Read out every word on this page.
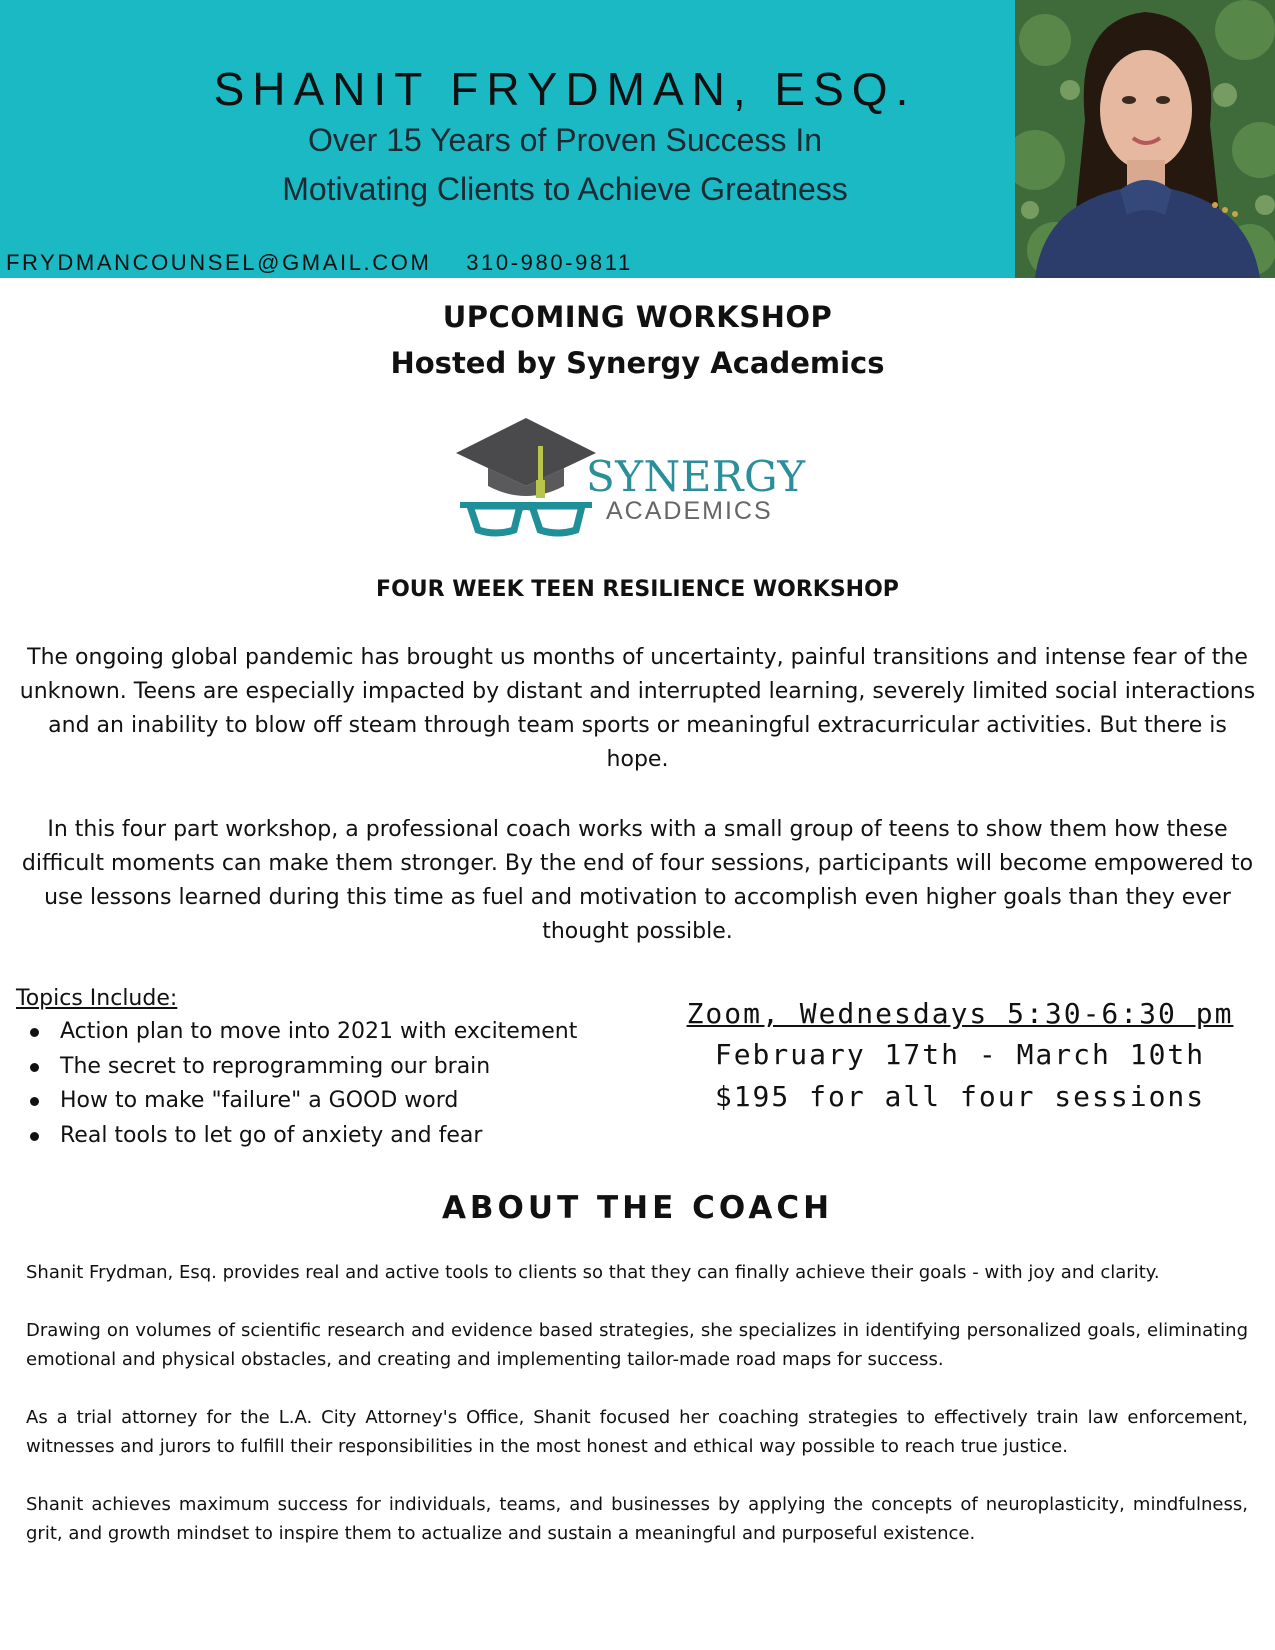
SHANIT FRYDMAN, ESQ.
Over 15 Years of Proven Success In
Motivating Clients to Achieve Greatness
FRYDMANCOUNSEL@GMAIL.COM    310-980-9811
UPCOMING WORKSHOP
Hosted by Synergy Academics
SYNERGY
ACADEMICS
FOUR WEEK TEEN RESILIENCE WORKSHOP
The ongoing global pandemic has brought us months of uncertainty, painful transitions and intense fear of the unknown. Teens are especially impacted by distant and interrupted learning, severely limited social interactions and an inability to blow off steam through team sports or meaningful extracurricular activities. But there is hope.
In this four part workshop, a professional coach works with a small group of teens to show them how these difficult moments can make them stronger. By the end of four sessions, participants will become empowered to use lessons learned during this time as fuel and motivation to accomplish even higher goals than they ever thought possible.
Topics Include:
Action plan to move into 2021 with excitement
The secret to reprogramming our brain
How to make "failure" a GOOD word
Real tools to let go of anxiety and fear
Zoom, Wednesdays 5:30-6:30 pm
February 17th - March 10th
$195 for all four sessions
ABOUT THE COACH
Shanit Frydman, Esq. provides real and active tools to clients so that they can finally achieve their goals - with joy and clarity.
Drawing on volumes of scientific research and evidence based strategies, she specializes in identifying personalized goals, eliminating emotional and physical obstacles, and creating and implementing tailor-made road maps for success.
As a trial attorney for the L.A. City Attorney's Office, Shanit focused her coaching strategies to effectively train law enforcement, witnesses and jurors to fulfill their responsibilities in the most honest and ethical way possible to reach true justice.
Shanit achieves maximum success for individuals, teams, and businesses by applying the concepts of neuroplasticity, mindfulness, grit, and growth mindset to inspire them to actualize and sustain a meaningful and purposeful existence.
